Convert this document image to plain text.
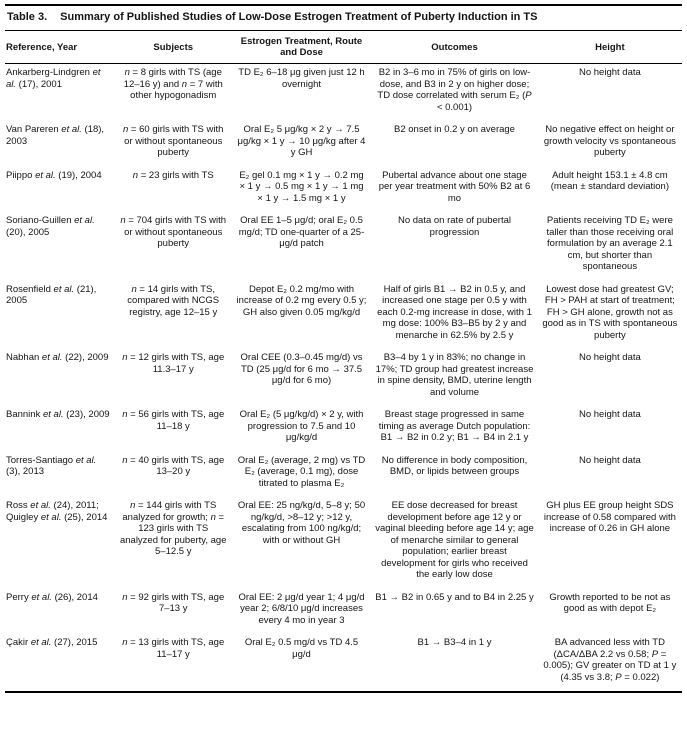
Table 3. Summary of Published Studies of Low-Dose Estrogen Treatment of Puberty Induction in TS
Reference, Year	Subjects	Estrogen Treatment, Route and Dose	Outcomes	Height
Ankarberg-Lindgren et al. (17), 2001	n = 8 girls with TS (age 12–16 y) and n = 7 with other hypogonadism	TD E₂ 6–18 μg given just 12 h overnight	B2 in 3–6 mo in 75% of girls on low-dose, and B3 in 2 y on higher dose; TD dose correlated with serum E₂ (P < 0.001)	No height data
Van Pareren et al. (18), 2003	n = 60 girls with TS with or without spontaneous puberty	Oral E₂ 5 μg/kg × 2 y → 7.5 μg/kg × 1 y → 10 μg/kg after 4 y GH	B2 onset in 0.2 y on average	No negative effect on height or growth velocity vs spontaneous puberty
Piippo et al. (19), 2004	n = 23 girls with TS	E₂ gel 0.1 mg × 1 y → 0.2 mg × 1 y → 0.5 mg × 1 y → 1 mg × 1 y → 1.5 mg × 1 y	Pubertal advance about one stage per year treatment with 50% B2 at 6 mo	Adult height 153.1 ± 4.8 cm (mean ± standard deviation)
Soriano-Guillen et al. (20), 2005	n = 704 girls with TS with or without spontaneous puberty	Oral EE 1–5 μg/d; oral E₂ 0.5 mg/d; TD one-quarter of a 25-μg/d patch	No data on rate of pubertal progression	Patients receiving TD E₂ were taller than those receiving oral formulation by an average 2.1 cm, but shorter than spontaneous
Rosenfield et al. (21), 2005	n = 14 girls with TS, compared with NCGS registry, age 12–15 y	Depot E₂ 0.2 mg/mo with increase of 0.2 mg every 0.5 y; GH also given 0.05 mg/kg/d	Half of girls B1 → B2 in 0.5 y, and increased one stage per 0.5 y with each 0.2-mg increase in dose, with 1 mg dose: 100% B3–B5 by 2 y and menarche in 62.5% by 2.5 y	Lowest dose had greatest GV; FH > PAH at start of treatment; FH > GH alone, growth not as good as in TS with spontaneous puberty
Nabhan et al. (22), 2009	n = 12 girls with TS, age 11.3–17 y	Oral CEE (0.3–0.45 mg/d) vs TD (25 μg/d for 6 mo → 37.5 μg/d for 6 mo)	B3–4 by 1 y in 83%; no change in 17%; TD group had greatest increase in spine density, BMD, uterine length and volume	No height data
Bannink et al. (23), 2009	n = 56 girls with TS, age 11–18 y	Oral E₂ (5 μg/kg/d) × 2 y, with progression to 7.5 and 10 μg/kg/d	Breast stage progressed in same timing as average Dutch population: B1 → B2 in 0.2 y; B1 → B4 in 2.1 y	No height data
Torres-Santiago et al. (3), 2013	n = 40 girls with TS, age 13–20 y	Oral E₂ (average, 2 mg) vs TD E₂ (average, 0.1 mg), dose titrated to plasma E₂	No difference in body composition, BMD, or lipids between groups	No height data
Ross et al. (24), 2011; Quigley et al. (25), 2014	n = 144 girls with TS analyzed for growth; n = 123 girls with TS analyzed for puberty, age 5–12.5 y	Oral EE: 25 ng/kg/d, 5–8 y; 50 ng/kg/d, >8–12 y; >12 y, escalating from 100 ng/kg/d; with or without GH	EE dose decreased for breast development before age 12 y or vaginal bleeding before age 14 y; age of menarche similar to general population; earlier breast development for girls who received the early low dose	GH plus EE group height SDS increase of 0.58 compared with increase of 0.26 in GH alone
Perry et al. (26), 2014	n = 92 girls with TS, age 7–13 y	Oral EE: 2 μg/d year 1; 4 μg/d year 2; 6/8/10 μg/d increases every 4 mo in year 3	B1 → B2 in 0.65 y and to B4 in 2.25 y	Growth reported to be not as good as with depot E₂
Çakir et al. (27), 2015	n = 13 girls with TS, age 11–17 y	Oral E₂ 0.5 mg/d vs TD 4.5 μg/d	B1 → B3–4 in 1 y	BA advanced less with TD (ΔCA/ΔBA 2.2 vs 0.58; P = 0.005); GV greater on TD at 1 y (4.35 vs 3.8; P = 0.022)
